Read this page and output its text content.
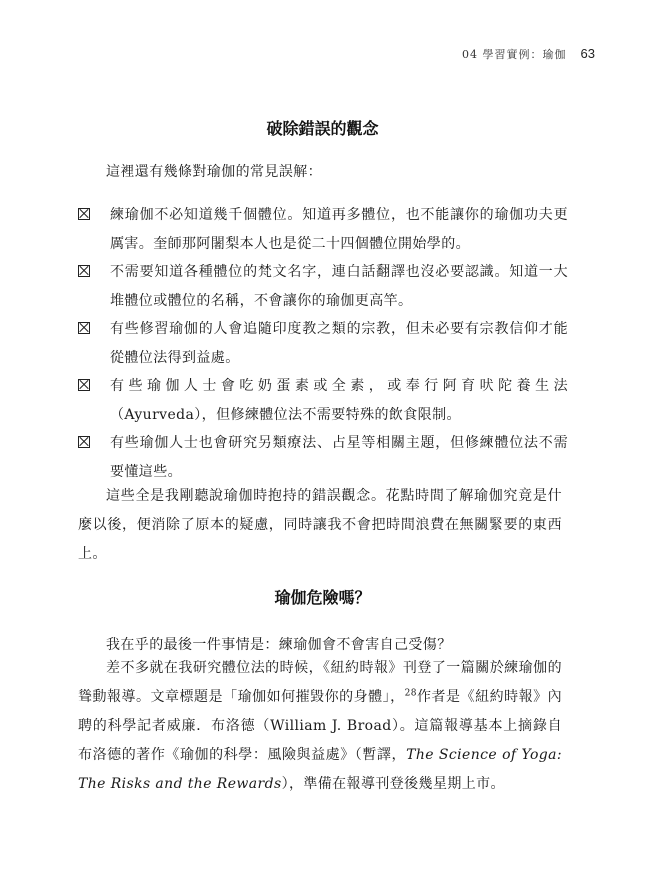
04 學習實例：瑜伽 63
破除錯誤的觀念

這裡還有幾條對瑜伽的常見誤解：

練瑜伽不必知道幾千個體位。知道再多體位，也不能讓你的瑜伽功夫更厲害。奎師那阿闍梨本人也是從二十四個體位開始學的。
不需要知道各種體位的梵文名字，連白話翻譯也沒必要認識。知道一大堆體位或體位的名稱，不會讓你的瑜伽更高竿。
有些修習瑜伽的人會追隨印度教之類的宗教，但未必要有宗教信仰才能從體位法得到益處。
有些瑜伽人士會吃奶蛋素或全素，或奉行阿育吠陀養生法（Ayurveda），但修練體位法不需要特殊的飲食限制。
有些瑜伽人士也會研究另類療法、占星等相關主題，但修練體位法不需要懂這些。

這些全是我剛聽說瑜伽時抱持的錯誤觀念。花點時間了解瑜伽究竟是什麼以後，便消除了原本的疑慮，同時讓我不會把時間浪費在無關緊要的東西上。

瑜伽危險嗎？

我在乎的最後一件事情是：練瑜伽會不會害自己受傷？

差不多就在我研究體位法的時候，《紐約時報》刊登了一篇關於練瑜伽的聳動報導。文章標題是「瑜伽如何摧毀你的身體」，$^{28}$作者是《紐約時報》內聘的科學記者威廉．布洛德（William J. Broad）。這篇報導基本上摘錄自布洛德的著作《瑜伽的科學：風險與益處》（暫譯，The Science of Yoga: The Risks and the Rewards），準備在報導刊登後幾星期上市。
